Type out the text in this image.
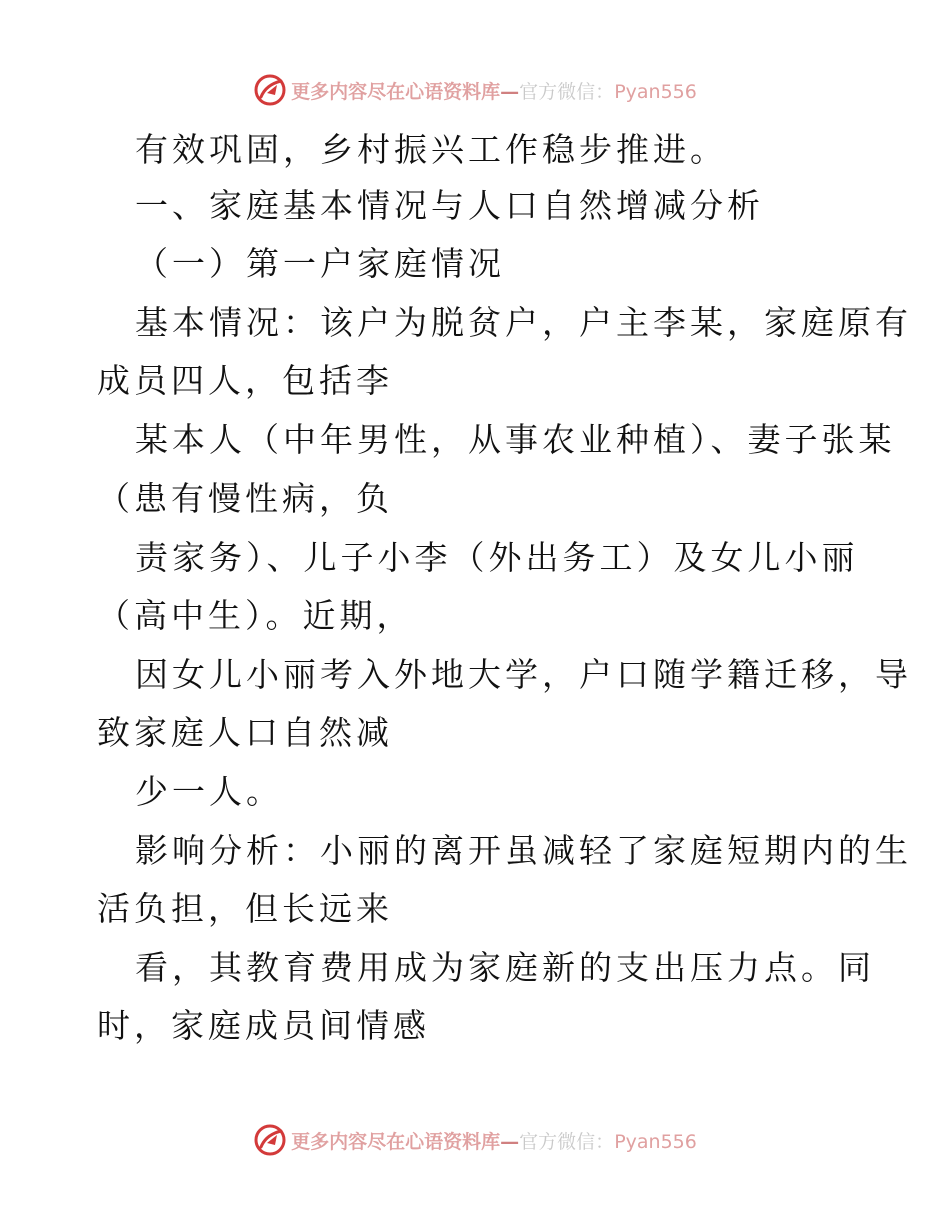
更多内容尽在心语资料库—官方微信：Pyan556
有效巩固，乡村振兴工作稳步推进。
一、家庭基本情况与人口自然增减分析
（一）第一户家庭情况
基本情况：该户为脱贫户，户主李某，家庭原有
成员四人，包括李
某本人（中年男性，从事农业种植）、妻子张某
（患有慢性病，负
责家务）、儿子小李（外出务工）及女儿小丽
（高中生）。近期，
因女儿小丽考入外地大学，户口随学籍迁移，导
致家庭人口自然减
少一人。
影响分析：小丽的离开虽减轻了家庭短期内的生
活负担，但长远来
看，其教育费用成为家庭新的支出压力点。同
时，家庭成员间情感
更多内容尽在心语资料库—官方微信：Pyan556
